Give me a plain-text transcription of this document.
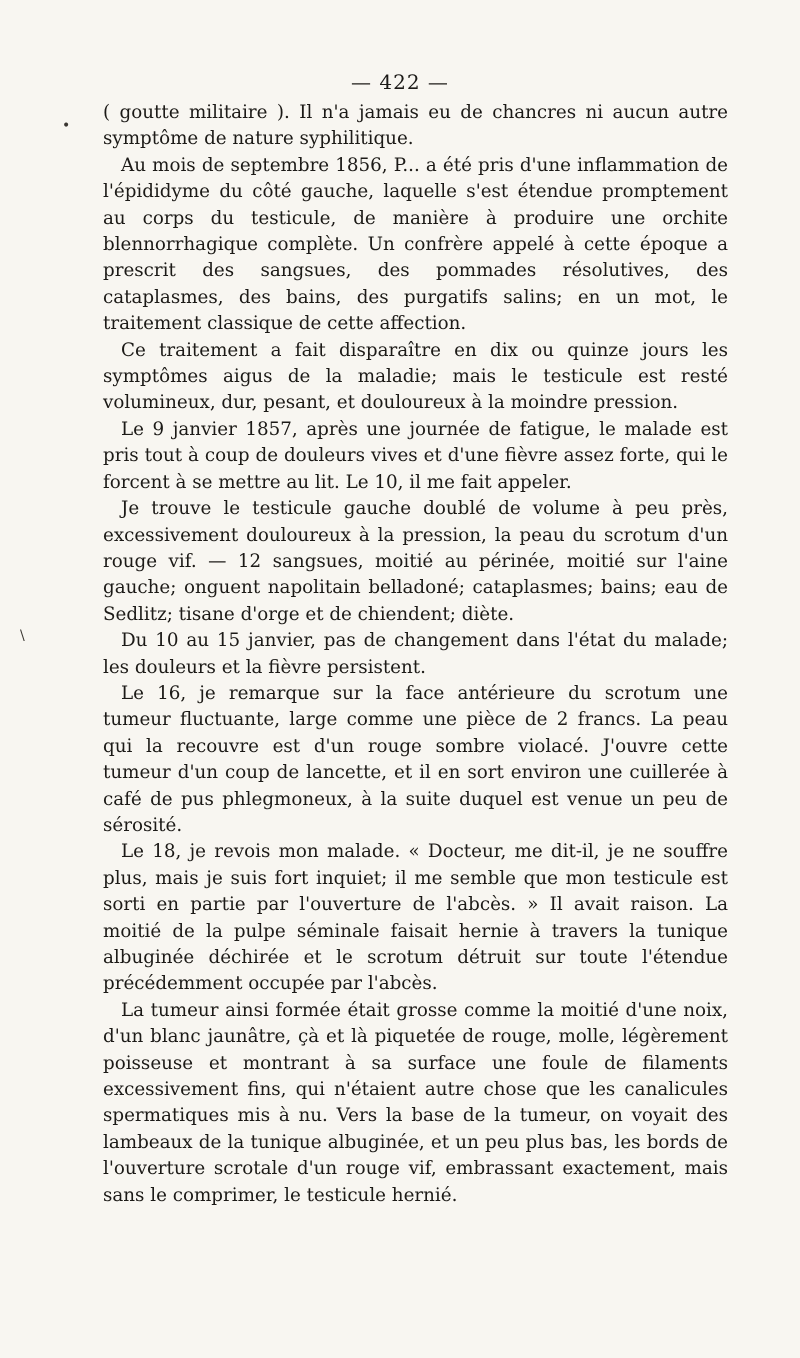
•
\
— 422 —

( goutte militaire ). Il n'a jamais eu de chancres ni aucun autre symptôme de nature syphilitique.

Au mois de septembre 1856, P... a été pris d'une inflammation de l'épididyme du côté gauche, laquelle s'est étendue promptement au corps du testicule, de manière à produire une orchite blennorrhagique complète. Un confrère appelé à cette époque a prescrit des sangsues, des pommades résolutives, des cataplasmes, des bains, des purgatifs salins; en un mot, le traitement classique de cette affection.

Ce traitement a fait disparaître en dix ou quinze jours les symptômes aigus de la maladie; mais le testicule est resté volumineux, dur, pesant, et douloureux à la moindre pression.

Le 9 janvier 1857, après une journée de fatigue, le malade est pris tout à coup de douleurs vives et d'une fièvre assez forte, qui le forcent à se mettre au lit. Le 10, il me fait appeler.

Je trouve le testicule gauche doublé de volume à peu près, excessivement douloureux à la pression, la peau du scrotum d'un rouge vif. — 12 sangsues, moitié au périnée, moitié sur l'aine gauche; onguent napolitain belladoné; cataplasmes; bains; eau de Sedlitz; tisane d'orge et de chiendent; diète.

Du 10 au 15 janvier, pas de changement dans l'état du malade; les douleurs et la fièvre persistent.

Le 16, je remarque sur la face antérieure du scrotum une tumeur fluctuante, large comme une pièce de 2 francs. La peau qui la recouvre est d'un rouge sombre violacé. J'ouvre cette tumeur d'un coup de lancette, et il en sort environ une cuillerée à café de pus phlegmoneux, à la suite duquel est venue un peu de sérosité.

Le 18, je revois mon malade. « Docteur, me dit-il, je ne souffre plus, mais je suis fort inquiet; il me semble que mon testicule est sorti en partie par l'ouverture de l'abcès. » Il avait raison. La moitié de la pulpe séminale faisait hernie à travers la tunique albuginée déchirée et le scrotum détruit sur toute l'étendue précédemment occupée par l'abcès.

La tumeur ainsi formée était grosse comme la moitié d'une noix, d'un blanc jaunâtre, çà et là piquetée de rouge, molle, légèrement poisseuse et montrant à sa surface une foule de filaments excessivement fins, qui n'étaient autre chose que les canalicules spermatiques mis à nu. Vers la base de la tumeur, on voyait des lambeaux de la tunique albuginée, et un peu plus bas, les bords de l'ouverture scrotale d'un rouge vif, embrassant exactement, mais sans le comprimer, le testicule hernié.
